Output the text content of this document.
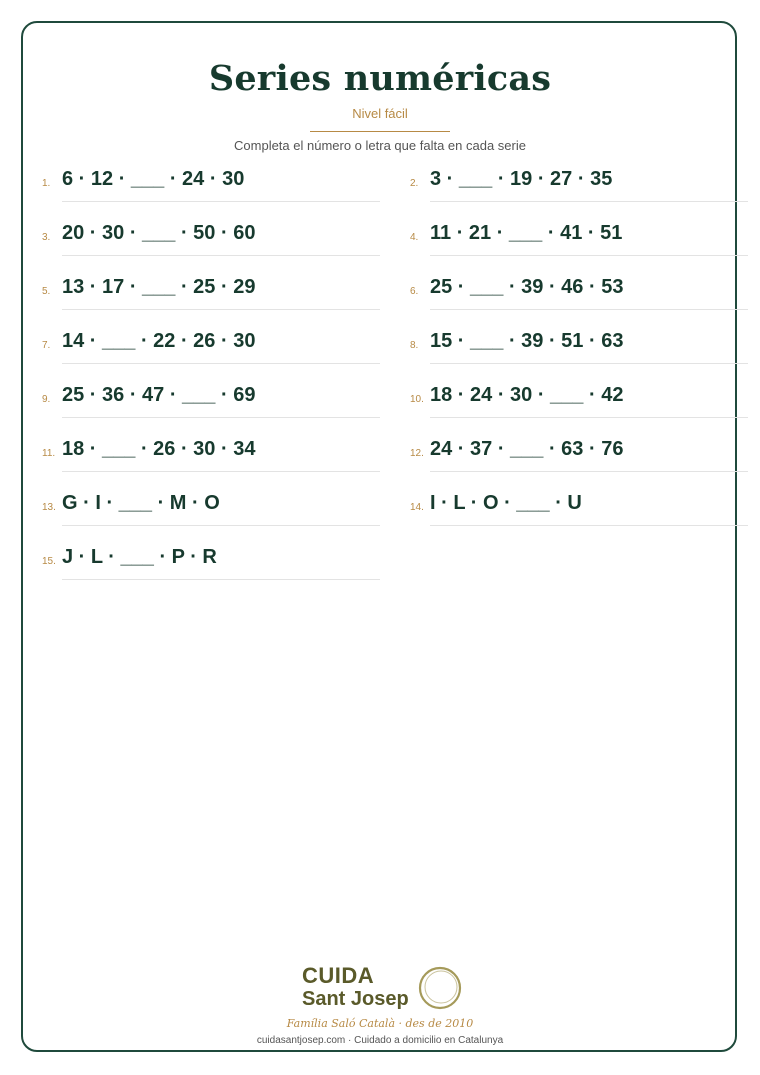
Series numéricas
Nivel fácil
Completa el número o letra que falta en cada serie
1. 6 · 12 · ___ · 24 · 30	2. 3 · ___ · 19 · 27 · 35
3. 20 · 30 · ___ · 50 · 60	4. 11 · 21 · ___ · 41 · 51
5. 13 · 17 · ___ · 25 · 29	6. 25 · ___ · 39 · 46 · 53
7. 14 · ___ · 22 · 26 · 30	8. 15 · ___ · 39 · 51 · 63
9. 25 · 36 · 47 · ___ · 69	10. 18 · 24 · 30 · ___ · 42
11. 18 · ___ · 26 · 30 · 34	12. 24 · 37 · ___ · 63 · 76
13. G · I · ___ · M · O	14. I · L · O · ___ · U
15. J · L · ___ · P · R
CUIDA
Sant Josep
Família Saló Català · des de 2010
cuidasantjosep.com · Cuidado a domicilio en Catalunya
